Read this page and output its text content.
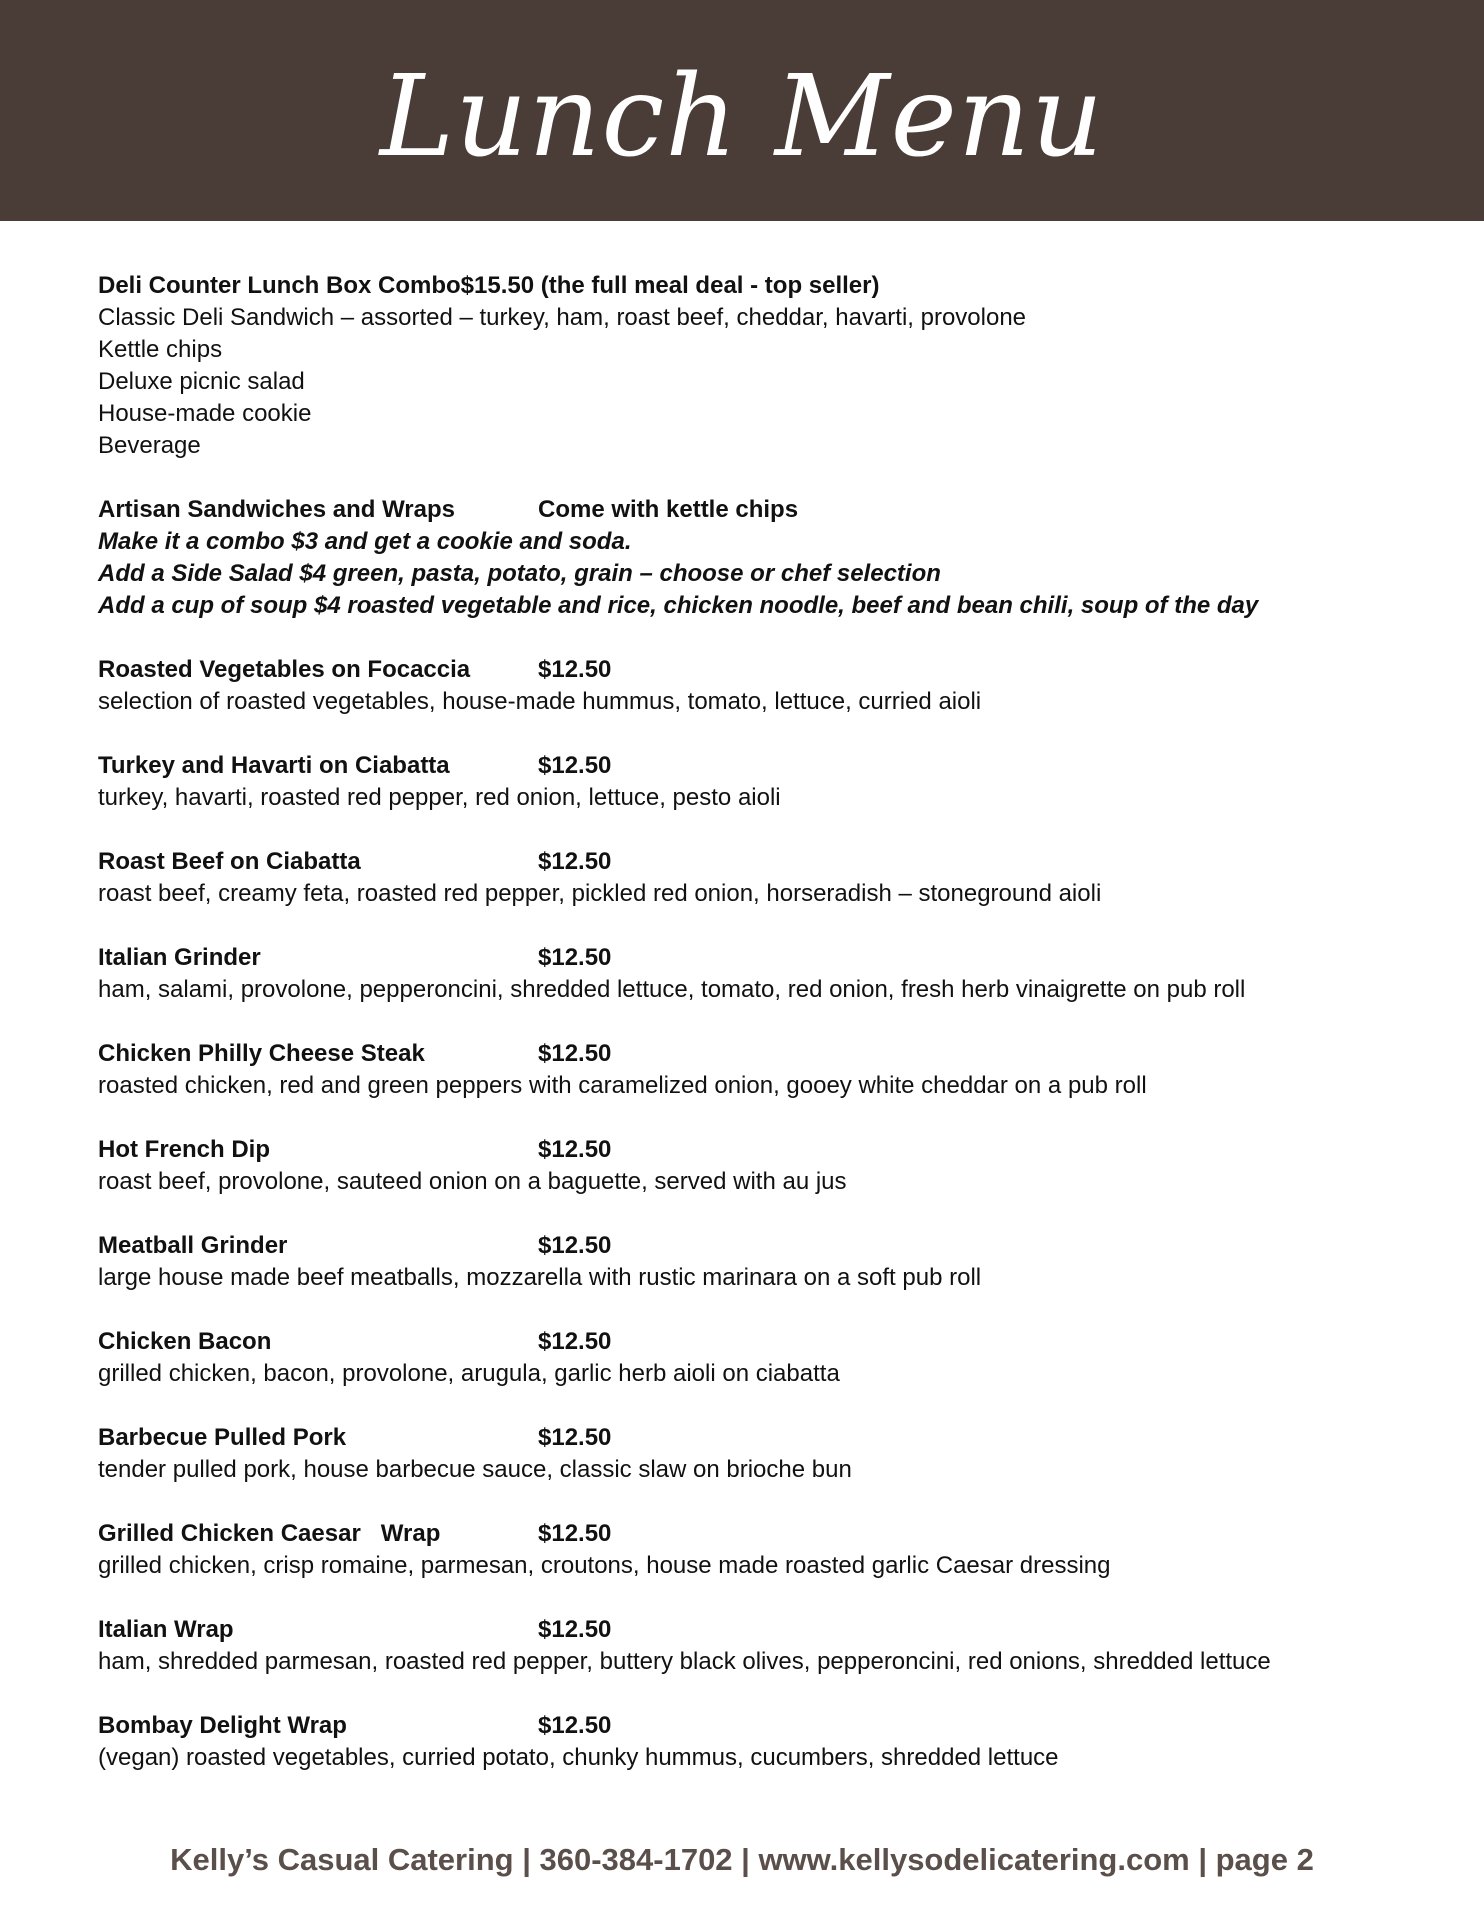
Lunch Menu
Deli Counter Lunch Box Combo$15.50 (the full meal deal - top seller)
Classic Deli Sandwich – assorted – turkey, ham, roast beef, cheddar, havarti, provolone
Kettle chips
Deluxe picnic salad
House-made cookie
Beverage
Artisan Sandwiches and Wraps	Come with kettle chips
Make it a combo $3 and get a cookie and soda.
Add a Side Salad $4 green, pasta, potato, grain – choose or chef selection
Add a cup of soup $4 roasted vegetable and rice, chicken noodle, beef and bean chili, soup of the day
Roasted Vegetables on Focaccia	$12.50
selection of roasted vegetables, house-made hummus, tomato, lettuce, curried aioli
Turkey and Havarti on Ciabatta	$12.50
turkey, havarti, roasted red pepper, red onion, lettuce, pesto aioli
Roast Beef on Ciabatta	$12.50
roast beef, creamy feta, roasted red pepper, pickled red onion, horseradish – stoneground aioli
Italian Grinder	$12.50
ham, salami, provolone, pepperoncini, shredded lettuce, tomato, red onion, fresh herb vinaigrette on pub roll
Chicken Philly Cheese Steak	$12.50
roasted chicken, red and green peppers with caramelized onion, gooey white cheddar on a pub roll
Hot French Dip	$12.50
roast beef, provolone, sauteed onion on a baguette, served with au jus
Meatball Grinder	$12.50
large house made beef meatballs, mozzarella with rustic marinara on a soft pub roll
Chicken Bacon	$12.50
grilled chicken, bacon, provolone, arugula, garlic herb aioli on ciabatta
Barbecue Pulled Pork	$12.50
tender pulled pork, house barbecue sauce, classic slaw on brioche bun
Grilled Chicken Caesar   Wrap	$12.50
grilled chicken, crisp romaine, parmesan, croutons, house made roasted garlic Caesar dressing
Italian Wrap	$12.50
ham, shredded parmesan, roasted red pepper, buttery black olives, pepperoncini, red onions, shredded lettuce
Bombay Delight Wrap	$12.50
(vegan) roasted vegetables, curried potato, chunky hummus, cucumbers, shredded lettuce
Kelly’s Casual Catering | 360-384-1702 | www.kellysodelicatering.com | page 2
